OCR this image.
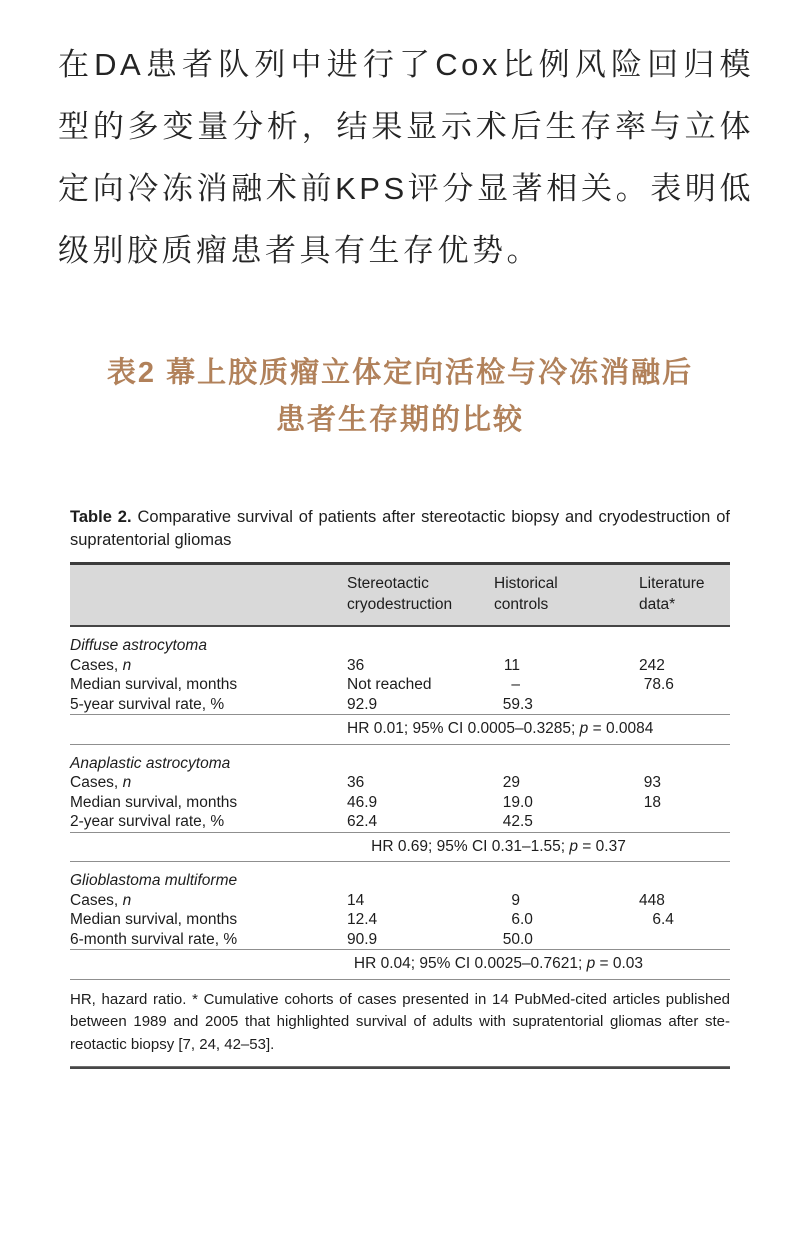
在DA患者队列中进行了Cox比例风险回归模型的多变量分析，结果显示术后生存率与立体定向冷冻消融术前KPS评分显著相关。表明低级别胶质瘤患者具有生存优势。

表2 幕上胶质瘤立体定向活检与冷冻消融后
患者生存期的比较

Table 2. Comparative survival of patients after stereotactic biopsy and cryodestruction of supratentorial gliomas

	Stereotactic cryodestruction	Historical controls	Literature data*

Diffuse astrocytoma			
Cases, n	36	11	242
Median survival, months	Not reached	–	78.6
5-year survival rate, %	92.9	59.3	
	HR 0.01; 95% CI 0.0005–0.3285; p = 0.0084		
Anaplastic astrocytoma			
Cases, n	36	29	93
Median survival, months	46.9	19.0	18
2-year survival rate, %	62.4	42.5	
	HR 0.69; 95% CI 0.31–1.55; p = 0.37		
Glioblastoma multiforme			
Cases, n	14	9	448
Median survival, months	12.4	6.0	6.4
6-month survival rate, %	90.9	50.0	
	HR 0.04; 95% CI 0.0025–0.7621; p = 0.03		

HR, hazard ratio. * Cumulative cohorts of cases presented in 14 PubMed-cited articles published between 1989 and 2005 that highlighted survival of adults with supratentorial gliomas after stereotactic biopsy [7, 24, 42–53].
